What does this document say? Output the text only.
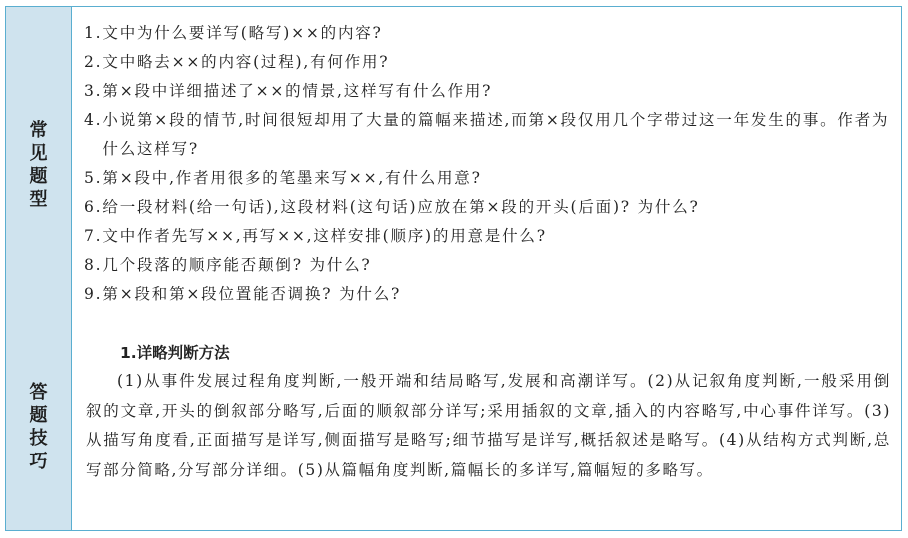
常见题型
1. 文中为什么要详写(略写)××的内容?
2. 文中略去××的内容(过程),有何作用?
3. 第×段中详细描述了××的情景,这样写有什么作用?
4. 小说第×段的情节,时间很短却用了大量的篇幅来描述,而第×段仅用几个字带过这一年发生的事。作者为什么这样写?
5. 第×段中,作者用很多的笔墨来写××,有什么用意?
6. 给一段材料(给一句话),这段材料(这句话)应放在第×段的开头(后面)? 为什么?
7. 文中作者先写××,再写××,这样安排(顺序)的用意是什么?
8. 几个段落的顺序能否颠倒? 为什么?
9. 第×段和第×段位置能否调换? 为什么?
答题技巧
1.详略判断方法

(1)从事件发展过程角度判断,一般开端和结局略写,发展和高潮详写。(2)从记叙角度判断,一般采用倒叙的文章,开头的倒叙部分略写,后面的顺叙部分详写;采用插叙的文章,插入的内容略写,中心事件详写。(3)从描写角度看,正面描写是详写,侧面描写是略写;细节描写是详写,概括叙述是略写。(4)从结构方式判断,总写部分简略,分写部分详细。(5)从篇幅角度判断,篇幅长的多详写,篇幅短的多略写。
